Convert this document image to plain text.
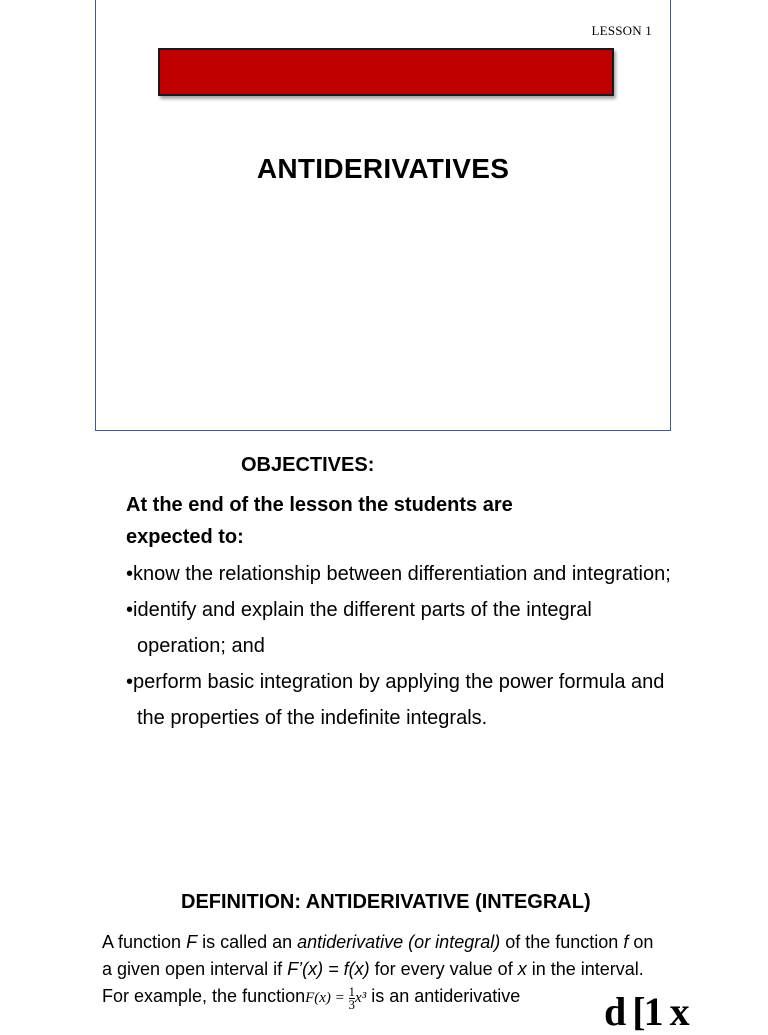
LESSON 1
ANTIDERIVATIVES
OBJECTIVES:
At the end of the lesson the students are expected to:
•know the relationship between differentiation and integration;
•identify and explain the different parts of the integral operation; and
•perform basic integration by applying the power formula and the properties of the indefinite integrals.
DEFINITION: ANTIDERIVATIVE (INTEGRAL)
A function F is called an antiderivative (or integral) of the function f on a given open interval if F’(x) = f(x) for every value of x in the interval.
For example, the functionF(x) = $\frac{1}{3} x^3$ is an antiderivative	d [1 x
